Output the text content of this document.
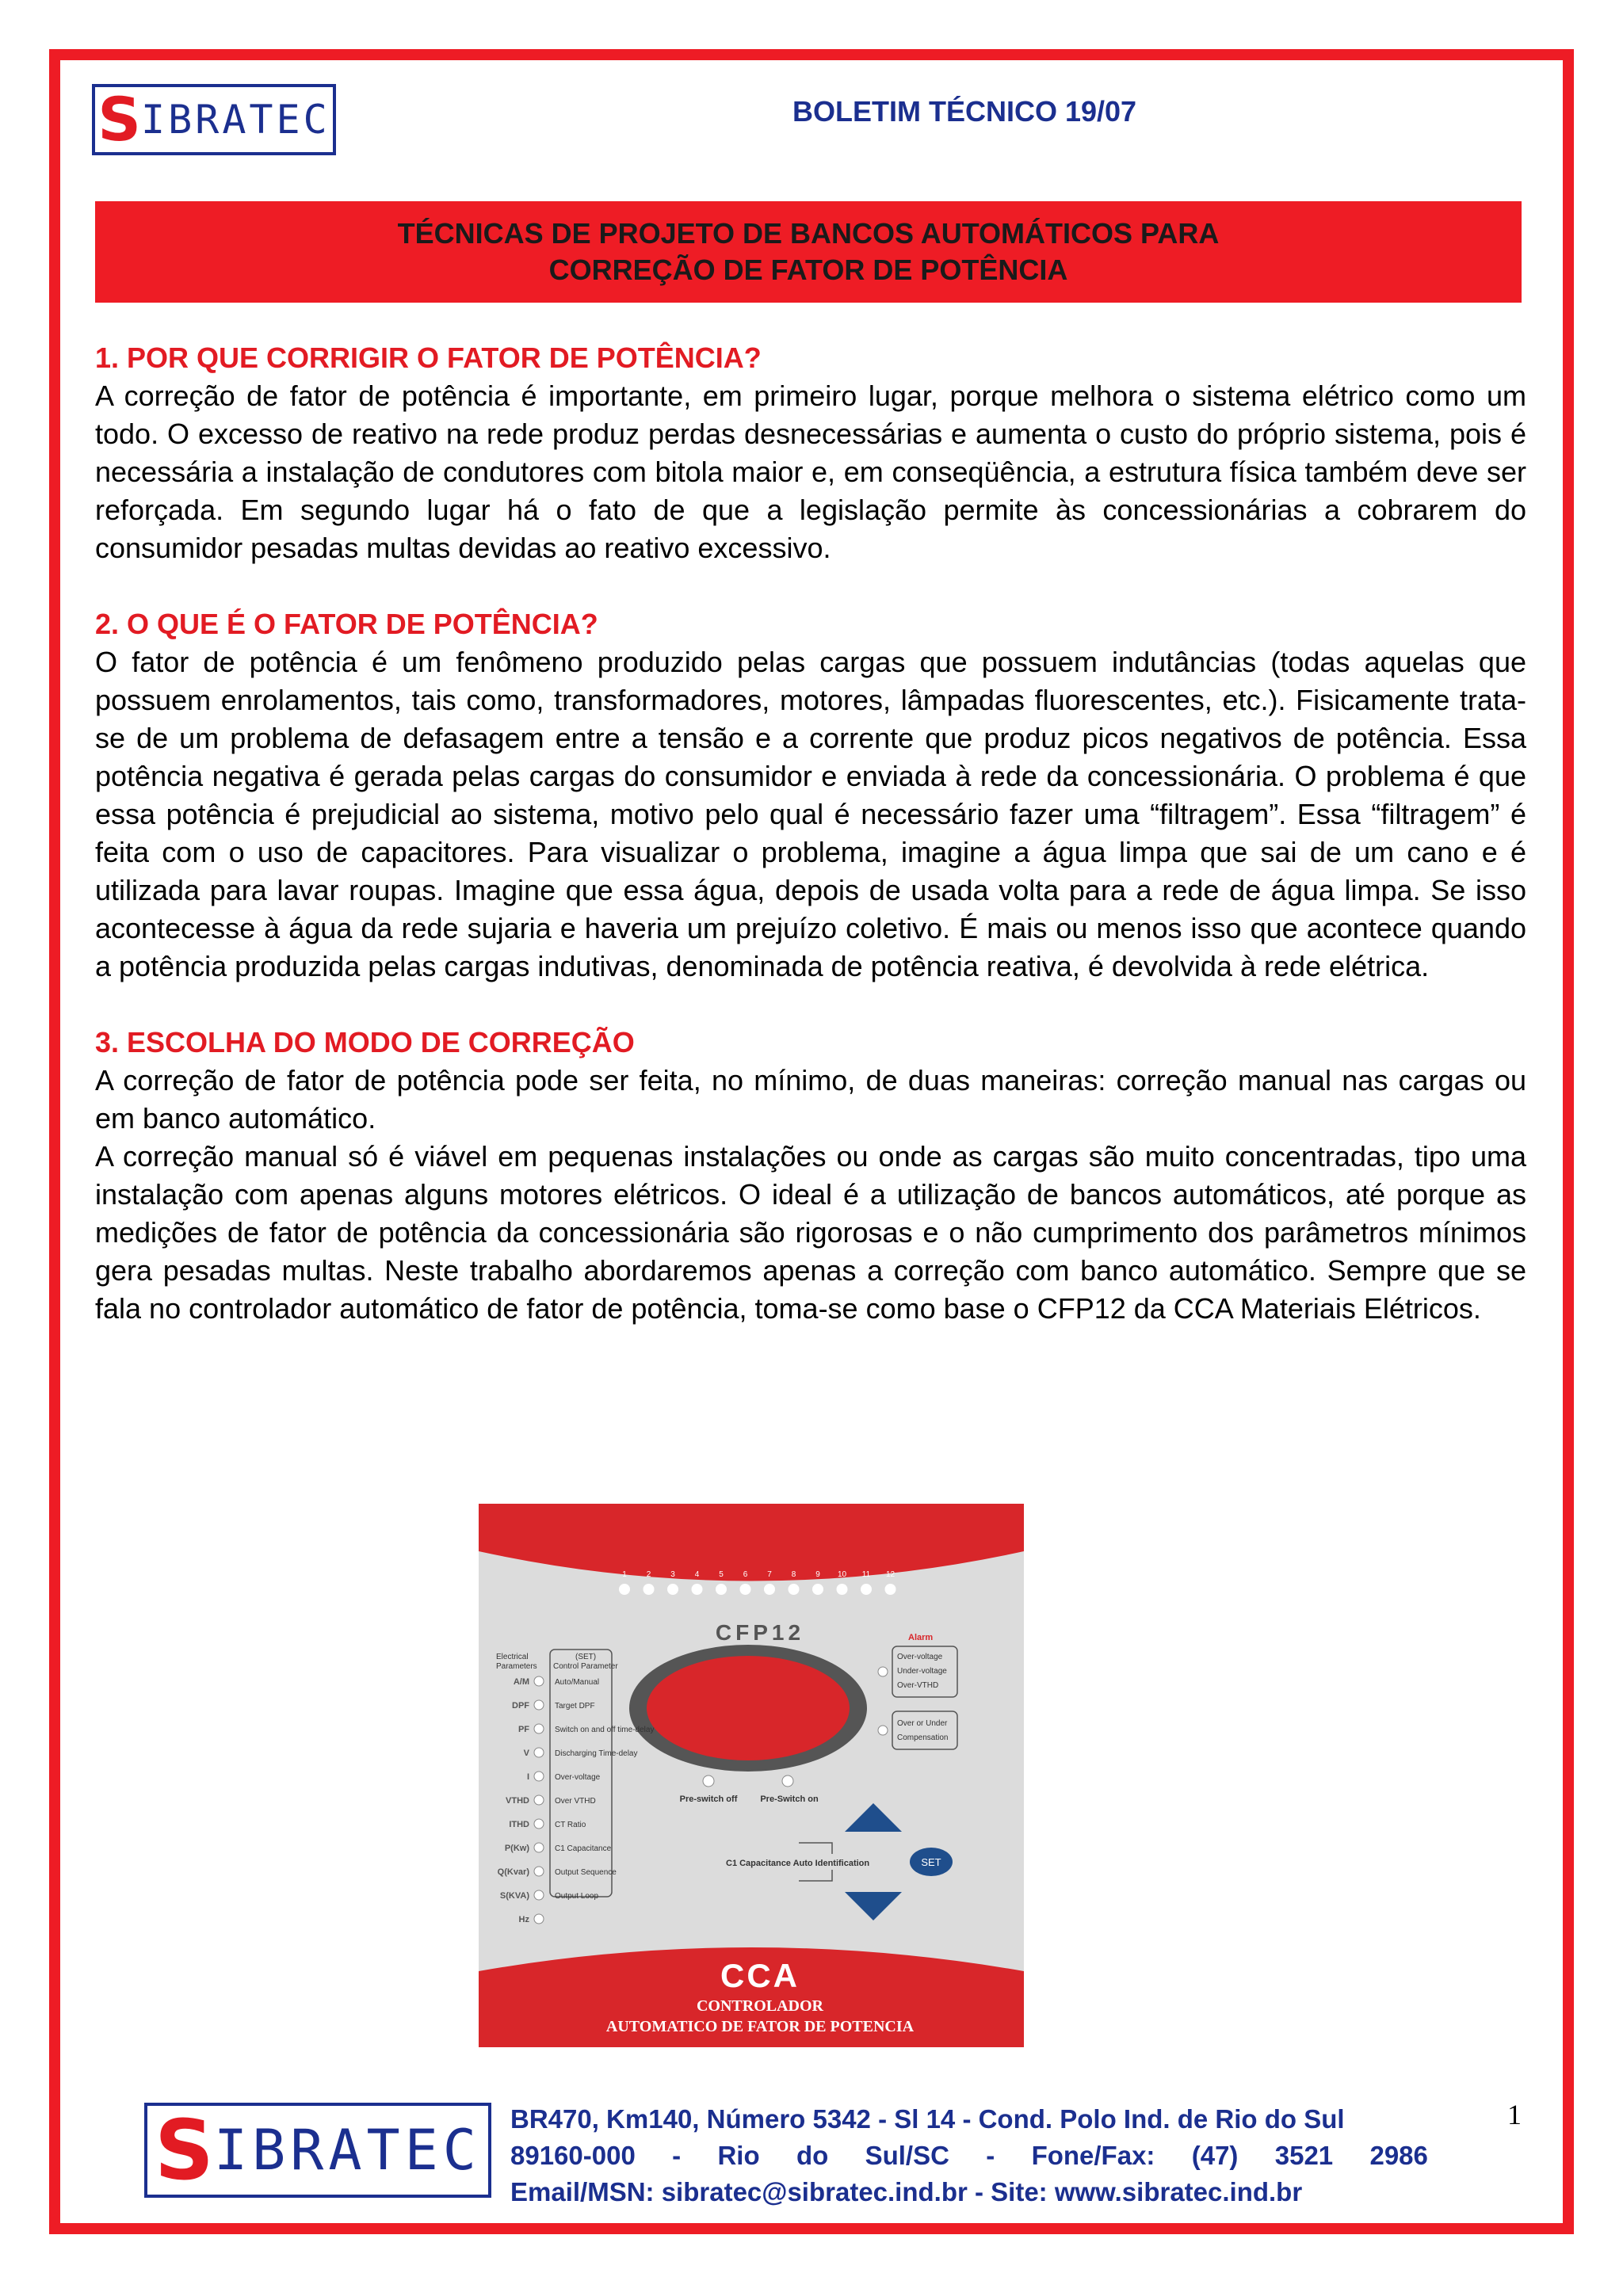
S IBRATEC	BOLETIM TÉCNICO 19/07
TÉCNICAS DE PROJETO DE BANCOS AUTOMÁTICOS PARA
CORREÇÃO DE FATOR DE POTÊNCIA

1. POR QUE CORRIGIR O FATOR DE POTÊNCIA?

A correção de fator de potência é importante, em primeiro lugar, porque melhora o sistema elétrico como um todo. O excesso de reativo na rede produz perdas desnecessárias e aumenta o custo do próprio sistema, pois é necessária a instalação de condutores com bitola maior e, em conseqüência, a estrutura física também deve ser reforçada. Em segundo lugar há o fato de que a legislação permite às concessionárias a cobrarem do consumidor pesadas multas devidas ao reativo excessivo.

2. O QUE É O FATOR DE POTÊNCIA?

O fator de potência é um fenômeno produzido pelas cargas que possuem indutâncias (todas aquelas que possuem enrolamentos, tais como, transformadores, motores, lâmpadas fluorescentes, etc.). Fisicamente trata-se de um problema de defasagem entre a tensão e a corrente que produz picos negativos de potência. Essa potência negativa é gerada pelas cargas do consumidor e enviada à rede da concessionária. O problema é que essa potência é prejudicial ao sistema, motivo pelo qual é necessário fazer uma “filtragem”. Essa “filtragem” é feita com o uso de capacitores. Para visualizar o problema, imagine a água limpa que sai de um cano e é utilizada para lavar roupas. Imagine que essa água, depois de usada volta para a rede de água limpa. Se isso acontecesse à água da rede sujaria e haveria um prejuízo coletivo. É mais ou menos isso que acontece quando a potência produzida pelas cargas indutivas, denominada de potência reativa, é devolvida à rede elétrica.

3. ESCOLHA DO MODO DE CORREÇÃO

A correção de fator de potência pode ser feita, no mínimo, de duas maneiras: correção manual nas cargas ou em banco automático.

A correção manual só é viável em pequenas instalações ou onde as cargas são muito concentradas, tipo uma instalação com apenas alguns motores elétricos. O ideal é a utilização de bancos automáticos, até porque as medições de fator de potência da concessionária são rigorosas e o não cumprimento dos parâmetros mínimos gera pesadas multas. Neste trabalho abordaremos apenas a correção com banco automático. Sempre que se fala no controlador automático de fator de potência, toma-se como base o CFP12 da CCA Materiais Elétricos.

1 2 3 4 5 6 7 8 9 10 11 12
CFP12
Electrical
Parameters
(SET)
Control Parameter
A/M	Auto/Manual
DPF	Target DPF
PF	Switch on and off time-delay
V	Discharging Time-delay
I	Over-voltage
VTHD	Over VTHD
ITHD	CT Ratio
P(Kw)	C1 Capacitance
Q(Kvar)	Output Sequence
S(KVA)	Output Loop
Hz
Alarm
Over-voltage
Under-voltage
Over-VTHD
Over or Under
Compensation
Pre-switch off	Pre-Switch on
C1 Capacitance Auto Identification	SET
CCA
CONTROLADOR
AUTOMATICO DE FATOR DE POTENCIA
1
S IBRATEC BR470, Km140, Número 5342 - Sl 14 - Cond. Polo Ind. de Rio do Sul
89160-000 - Rio do Sul/SC - Fone/Fax: (47) 3521 2986
Email/MSN: sibratec@sibratec.ind.br - Site: www.sibratec.ind.br
